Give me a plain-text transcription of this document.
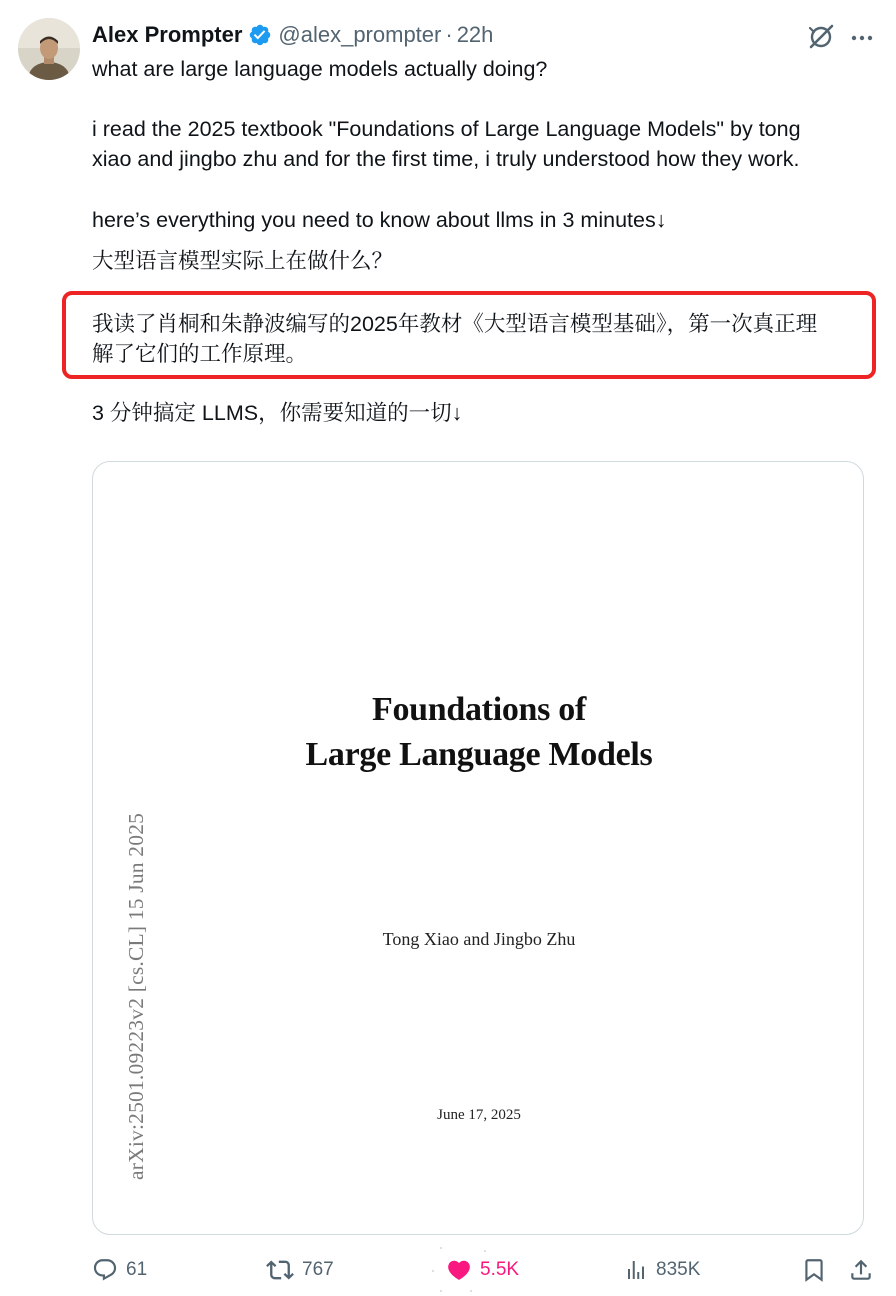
Alex Prompter @alex_prompter · 22h
what are large language models actually doing?
i read the 2025 textbook "Foundations of Large Language Models" by tong
xiao and jingbo zhu and for the first time, i truly understood how they work.
here’s everything you need to know about llms in 3 minutes↓
大型语言模型实际上在做什么？
我读了肖桐和朱静波编写的2025年教材《大型语言模型基础》，第一次真正理
解了它们的工作原理。
3 分钟搞定 LLMS，你需要知道的一切↓
arXiv:2501.09223v2 [cs.CL] 15 Jun 2025
Foundations of
Large Language Models
Tong Xiao and Jingbo Zhu
June 17, 2025
61	767	5.5K	835K
